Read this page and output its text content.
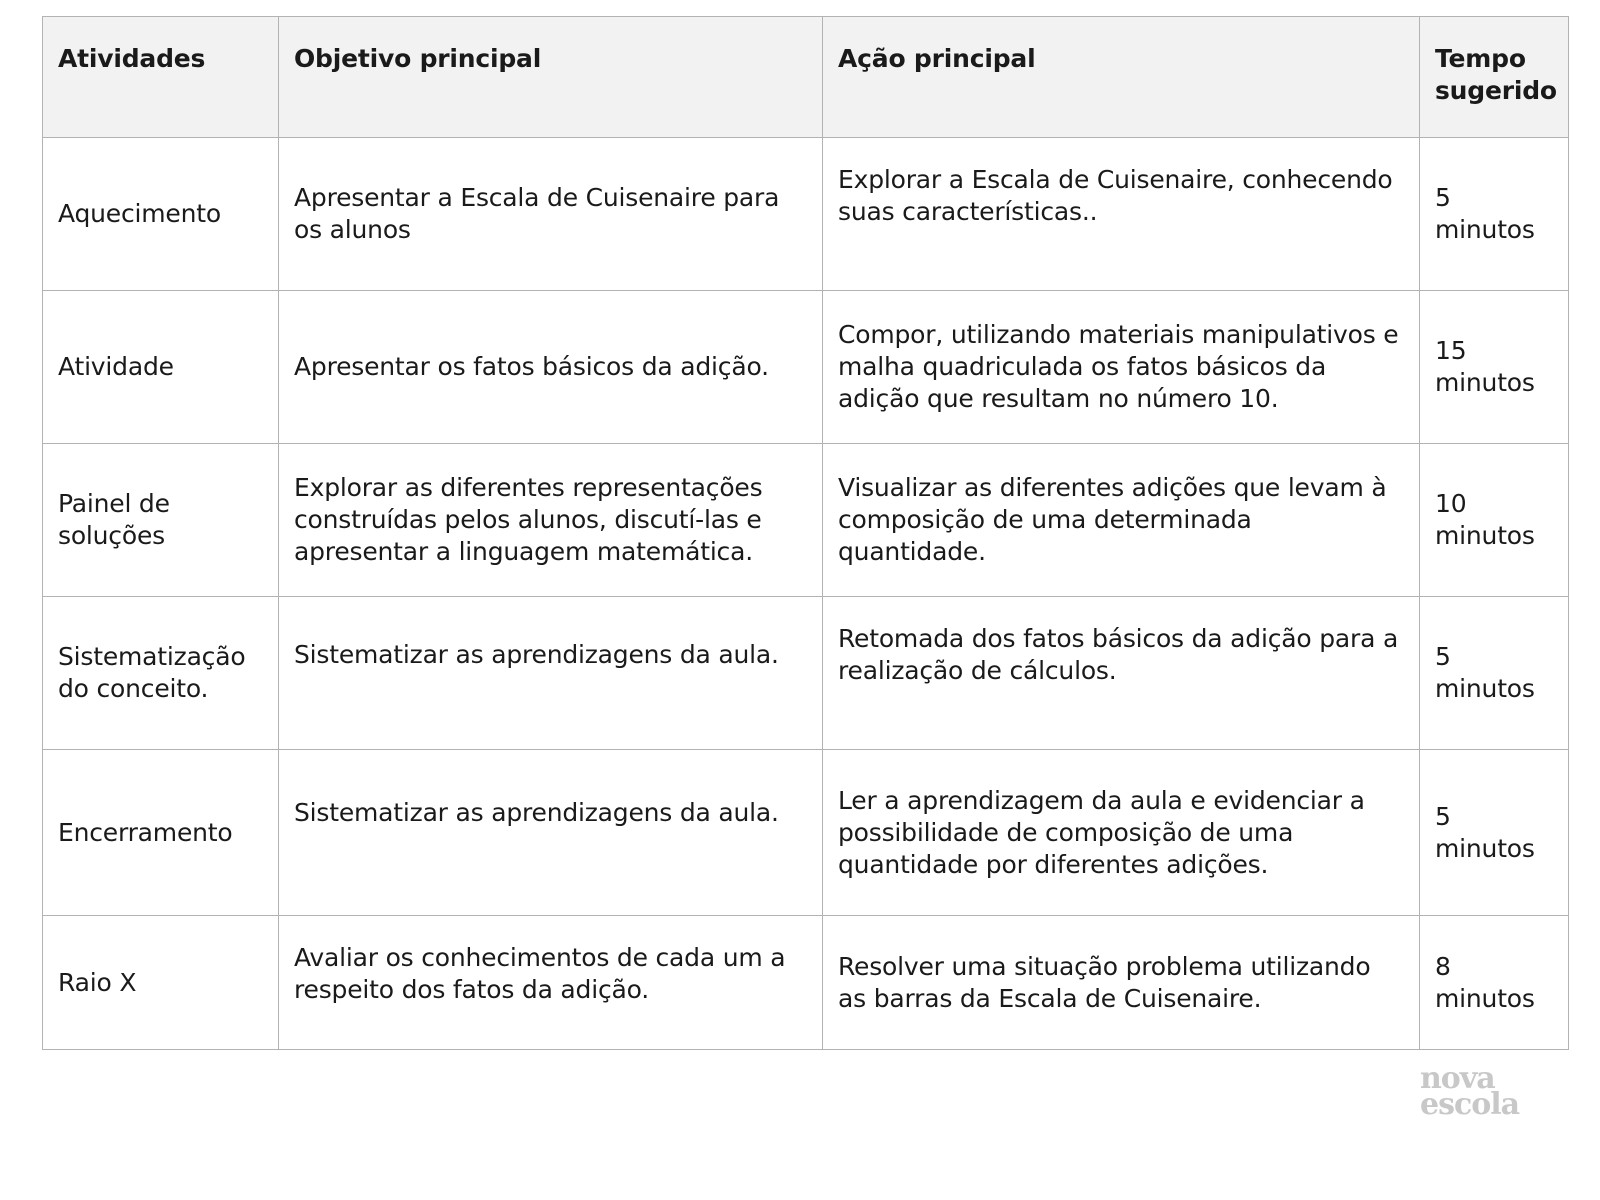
Atividades	Objetivo principal	Ação principal	Tempo sugerido
Aquecimento	Apresentar a Escala de Cuisenaire para os alunos	Explorar a Escala de Cuisenaire, conhecendo suas características..	5 minutos
Atividade	Apresentar os fatos básicos da adição.	Compor, utilizando materiais manipulativos e malha quadriculada os fatos básicos da adição que resultam no número 10.	15 minutos
Painel de soluções	Explorar as diferentes representações construídas pelos alunos, discutí-las e apresentar a linguagem matemática.	Visualizar as diferentes adições que levam à composição de uma determinada quantidade.	10 minutos
Sistematização do conceito.	Sistematizar as aprendizagens da aula.	Retomada dos fatos básicos da adição para a realização de cálculos.	5 minutos
Encerramento	Sistematizar as aprendizagens da aula.	Ler a aprendizagem da aula e evidenciar a possibilidade de composição de uma quantidade por diferentes adições.	5 minutos
Raio X	Avaliar os conhecimentos de cada um a respeito dos fatos da adição.	Resolver uma situação problema utilizando as barras da Escala de Cuisenaire.	8 minutos
nova
escola
